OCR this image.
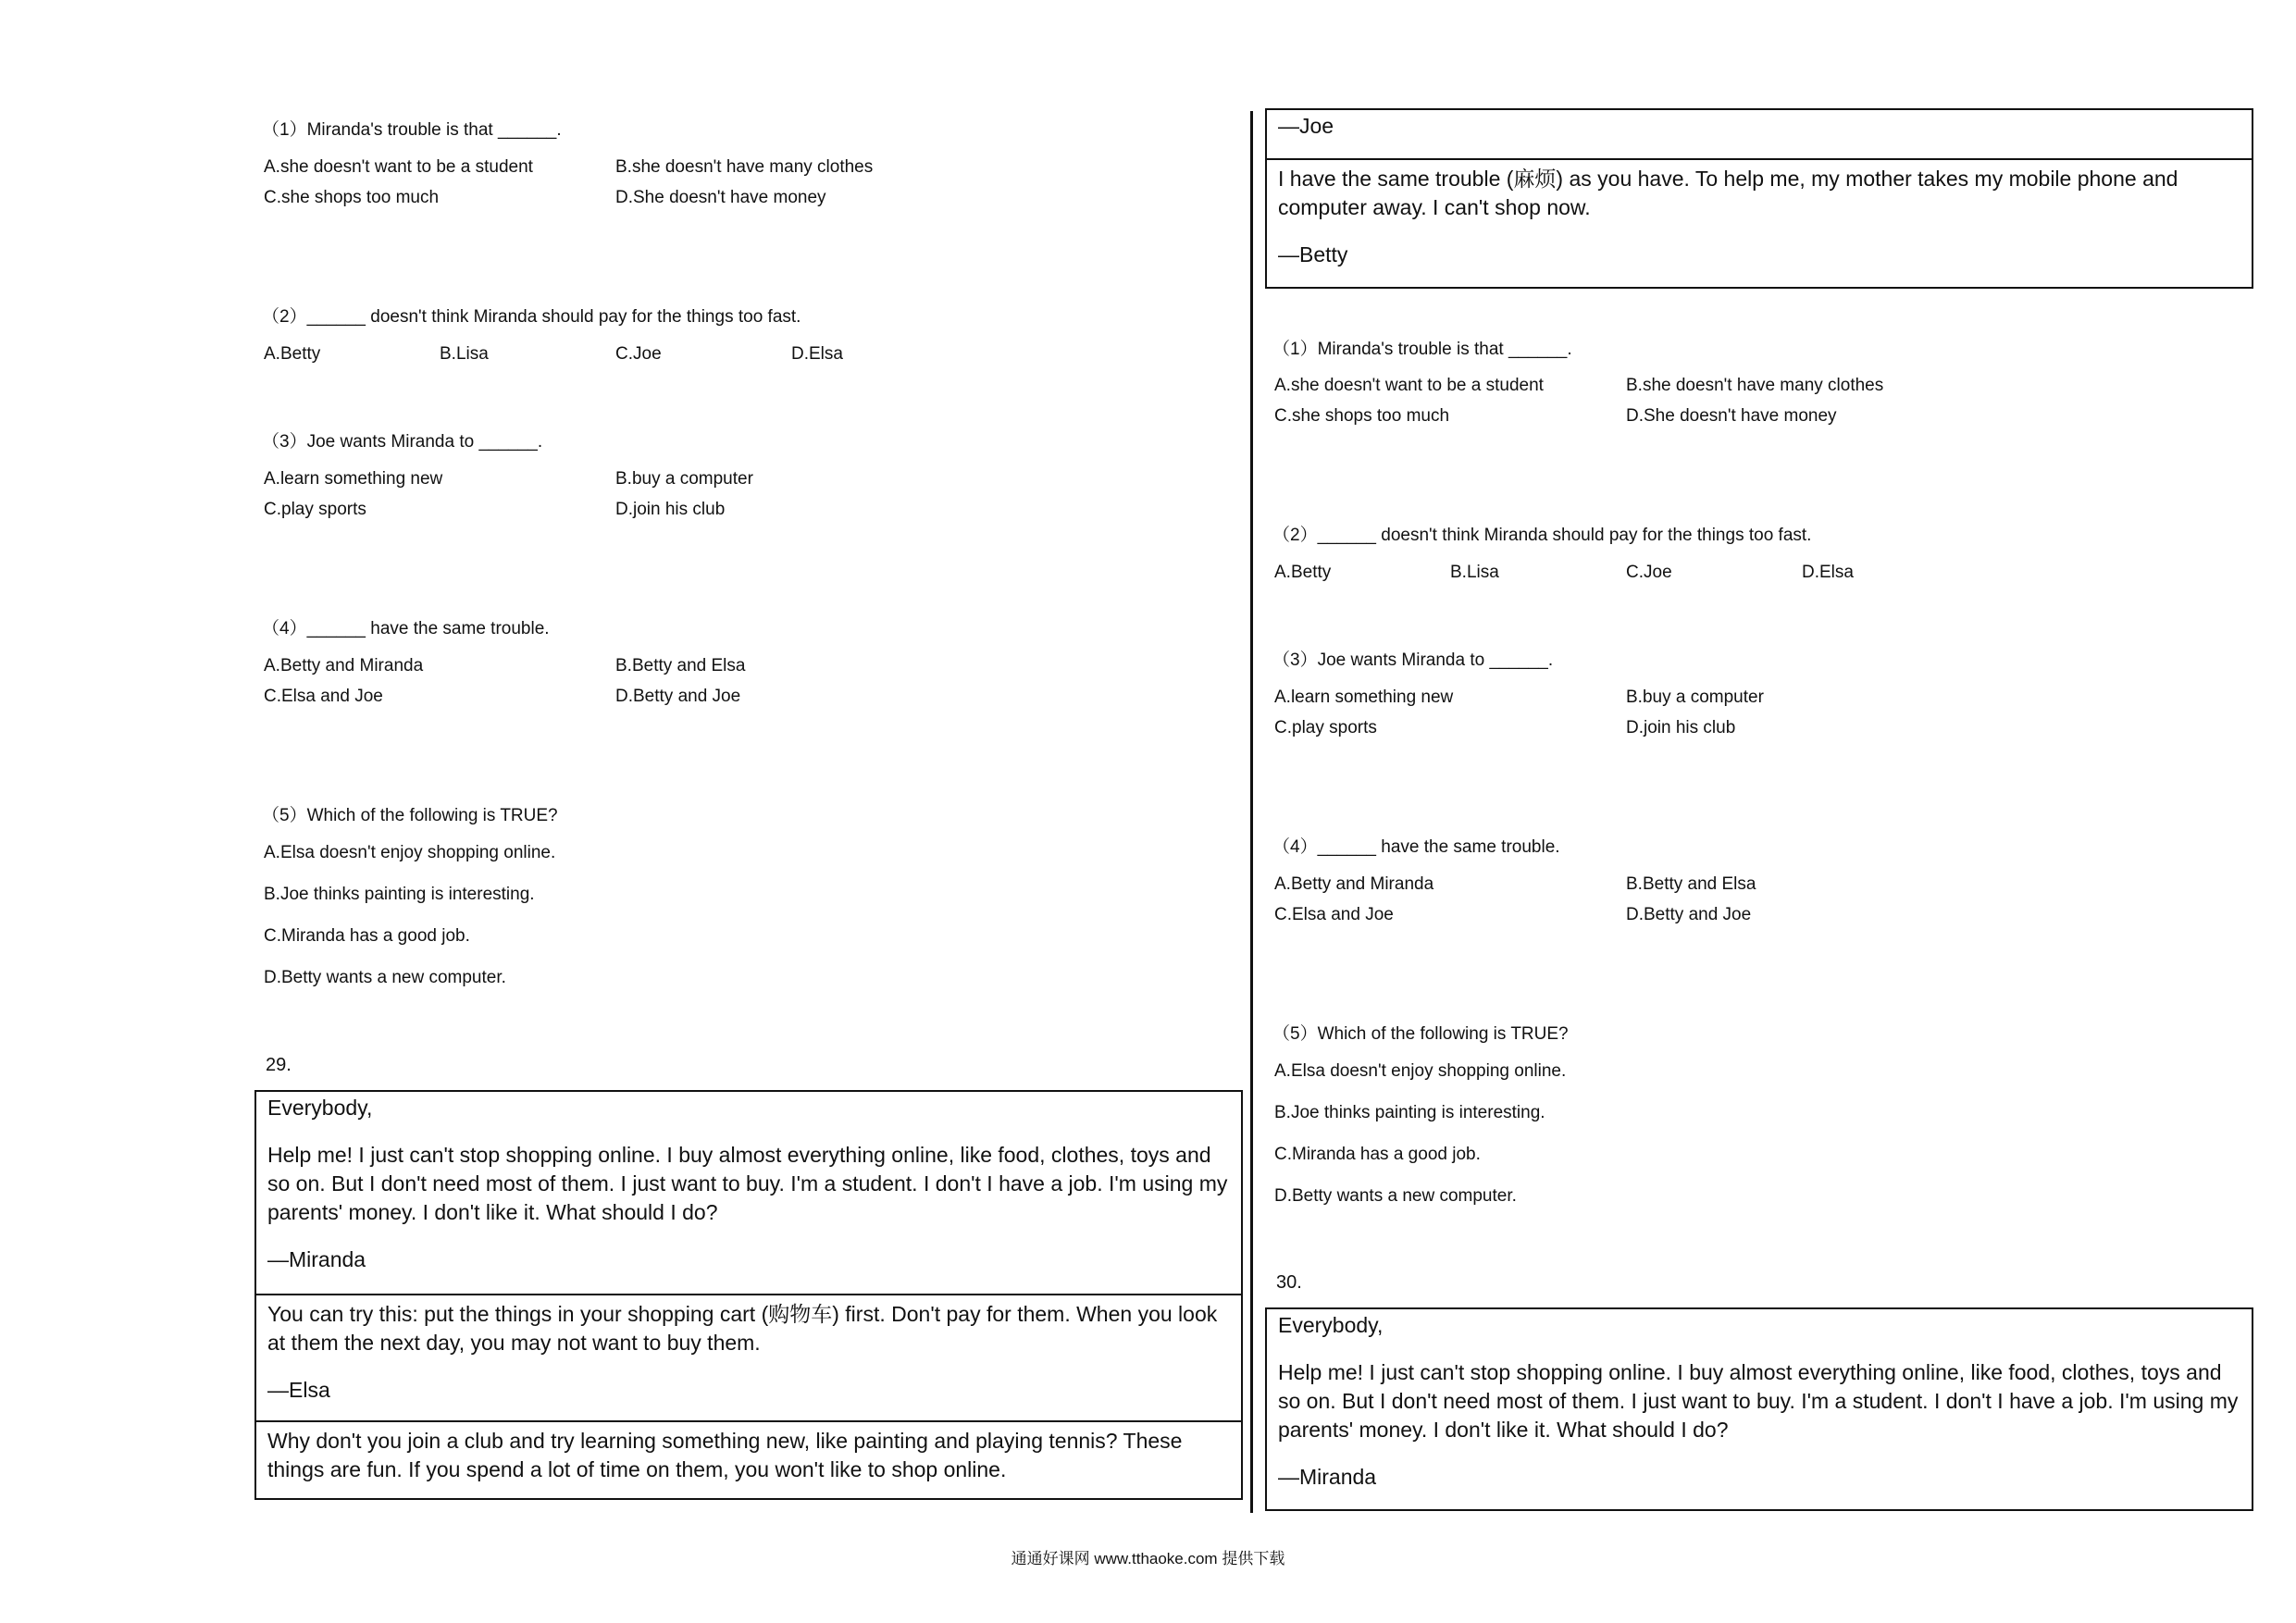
（1）Miranda's trouble is that ______.
A.she doesn't want to be a student	B.she doesn't have many clothes
C.she shops too much	D.She doesn't have money
（2）______ doesn't think Miranda should pay for the things too fast.
A.Betty	B.Lisa	C.Joe	D.Elsa
（3）Joe wants Miranda to ______.
A.learn something new	B.buy a computer
C.play sports	D.join his club
（4）______ have the same trouble.
A.Betty and Miranda	B.Betty and Elsa
C.Elsa and Joe	D.Betty and Joe
（5）Which of the following is TRUE?
A.Elsa doesn't enjoy shopping online.
B.Joe thinks painting is interesting.
C.Miranda has a good job.
D.Betty wants a new computer.
29.

Everybody,

Help me! I just can't stop shopping online. I buy almost everything online, like food, clothes, toys and so on. But I don't need most of them. I just want to buy. I'm a student. I don't I have a job. I'm using my parents' money. I don't like it. What should I do?

—Miranda

You can try this: put the things in your shopping cart (购物车) first. Don't pay for them. When you look at them the next day, you may not want to buy them.

—Elsa

Why don't you join a club and try learning something new, like painting and playing tennis? These things are fun. If you spend a lot of time on them, you won't like to shop online.

—Joe

I have the same trouble (麻烦) as you have. To help me, my mother takes my mobile phone and computer away. I can't shop now.

—Betty

（1）Miranda's trouble is that ______.
A.she doesn't want to be a student	B.she doesn't have many clothes
C.she shops too much	D.She doesn't have money
（2）______ doesn't think Miranda should pay for the things too fast.
A.Betty	B.Lisa	C.Joe	D.Elsa
（3）Joe wants Miranda to ______.
A.learn something new	B.buy a computer
C.play sports	D.join his club
（4）______ have the same trouble.
A.Betty and Miranda	B.Betty and Elsa
C.Elsa and Joe	D.Betty and Joe
（5）Which of the following is TRUE?
A.Elsa doesn't enjoy shopping online.
B.Joe thinks painting is interesting.
C.Miranda has a good job.
D.Betty wants a new computer.
30.

Everybody,

Help me! I just can't stop shopping online. I buy almost everything online, like food, clothes, toys and so on. But I don't need most of them. I just want to buy. I'm a student. I don't I have a job. I'm using my parents' money. I don't like it. What should I do?

—Miranda

通通好课网 www.tthaoke.com 提供下载
